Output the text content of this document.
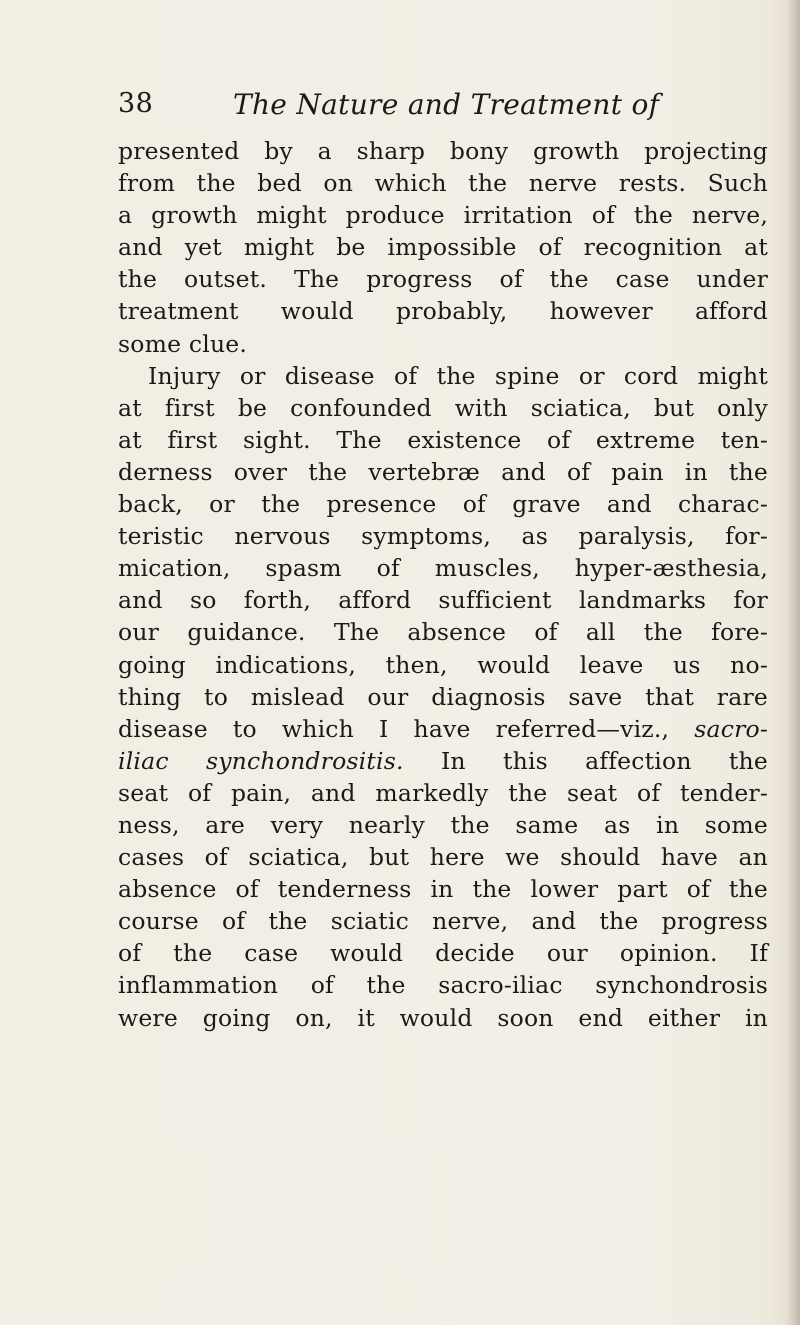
38	The Nature and Treatment of
presented by a sharp bony growth projecting
from the bed on which the nerve rests. Such
a growth might produce irritation of the nerve,
and yet might be impossible of recognition at
the outset. The progress of the case under
treatment would probably, however afford
some clue.
Injury or disease of the spine or cord might
at first be confounded with sciatica, but only
at first sight. The existence of extreme ten-
derness over the vertebræ and of pain in the
back, or the presence of grave and charac-
teristic nervous symptoms, as paralysis, for-
mication, spasm of muscles, hyper-æsthesia,
and so forth, afford sufficient landmarks for
our guidance. The absence of all the fore-
going indications, then, would leave us no-
thing to mislead our diagnosis save that rare
disease to which I have referred—viz., sacro-
iliac synchondrositis. In this affection the
seat of pain, and markedly the seat of tender-
ness, are very nearly the same as in some
cases of sciatica, but here we should have an
absence of tenderness in the lower part of the
course of the sciatic nerve, and the progress
of the case would decide our opinion. If
inflammation of the sacro-iliac synchondrosis
were going on, it would soon end either in
